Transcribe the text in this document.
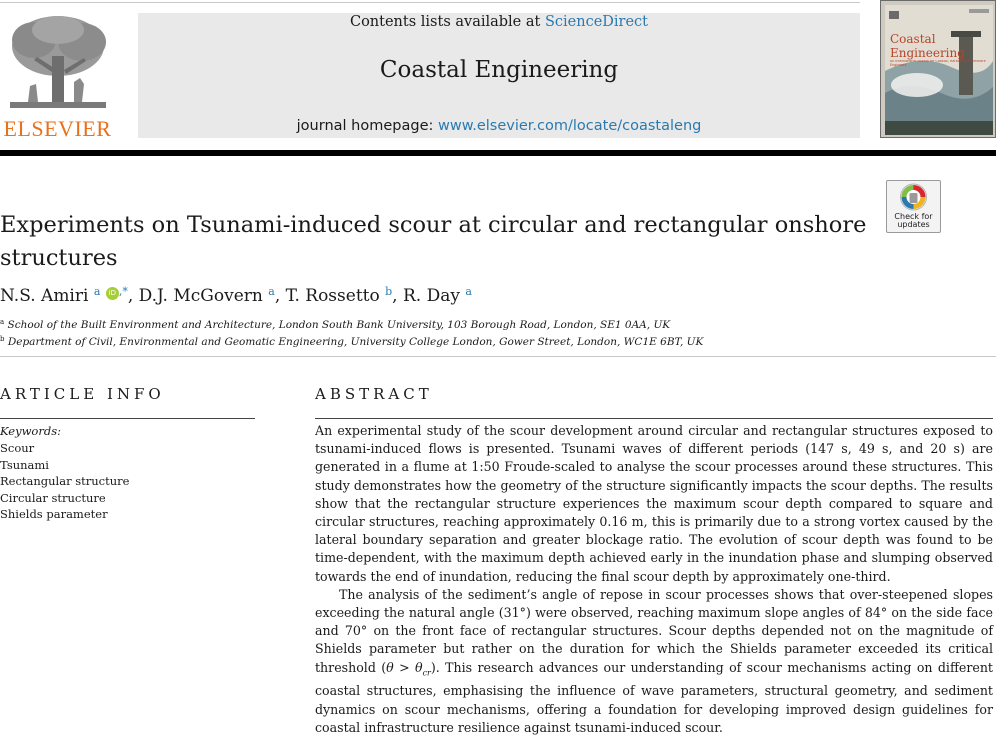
ELSEVIER
Contents lists available at ScienceDirect
Coastal Engineering
journal homepage: www.elsevier.com/locate/coastaleng
Coastal
Engineering
An International Journal for Coastal, Harbour and Offshore Engineers
Check for
updates
Experiments on Tsunami-induced scour at circular and rectangular onshore structures
N.S. Amiri $^a$ iD ,*, D.J. McGovern $^a$, T. Rossetto $^b$, R. Day $^a$
$^a$ School of the Built Environment and Architecture, London South Bank University, 103 Borough Road, London, SE1 0AA, UK
$^b$ Department of Civil, Environmental and Geomatic Engineering, University College London, Gower Street, London, WC1E 6BT, UK
ARTICLE INFO
Keywords:
Scour
Tsunami
Rectangular structure
Circular structure
Shields parameter
ABSTRACT

An experimental study of the scour development around circular and rectangular structures exposed to tsunami-induced flows is presented. Tsunami waves of different periods (147 s, 49 s, and 20 s) are generated in a flume at 1:50 Froude-scaled to analyse the scour processes around these structures. This study demonstrates how the geometry of the structure significantly impacts the scour depths. The results show that the rectangular structure experiences the maximum scour depth compared to square and circular structures, reaching approximately 0.16 m, this is primarily due to a strong vortex caused by the lateral boundary separation and greater blockage ratio. The evolution of scour depth was found to be time-dependent, with the maximum depth achieved early in the inundation phase and slumping observed towards the end of inundation, reducing the final scour depth by approximately one-third.

The analysis of the sediment’s angle of repose in scour processes shows that over-steepened slopes exceeding the natural angle (31°) were observed, reaching maximum slope angles of 84° on the side face and 70° on the front face of rectangular structures. Scour depths depended not on the magnitude of Shields parameter but rather on the duration for which the Shields parameter exceeded its critical threshold $(\theta > \theta_{cr})$. This research advances our understanding of scour mechanisms acting on different coastal structures, emphasising the influence of wave parameters, structural geometry, and sediment dynamics on scour mechanisms, offering a foundation for developing improved design guidelines for coastal infrastructure resilience against tsunami-induced scour.
